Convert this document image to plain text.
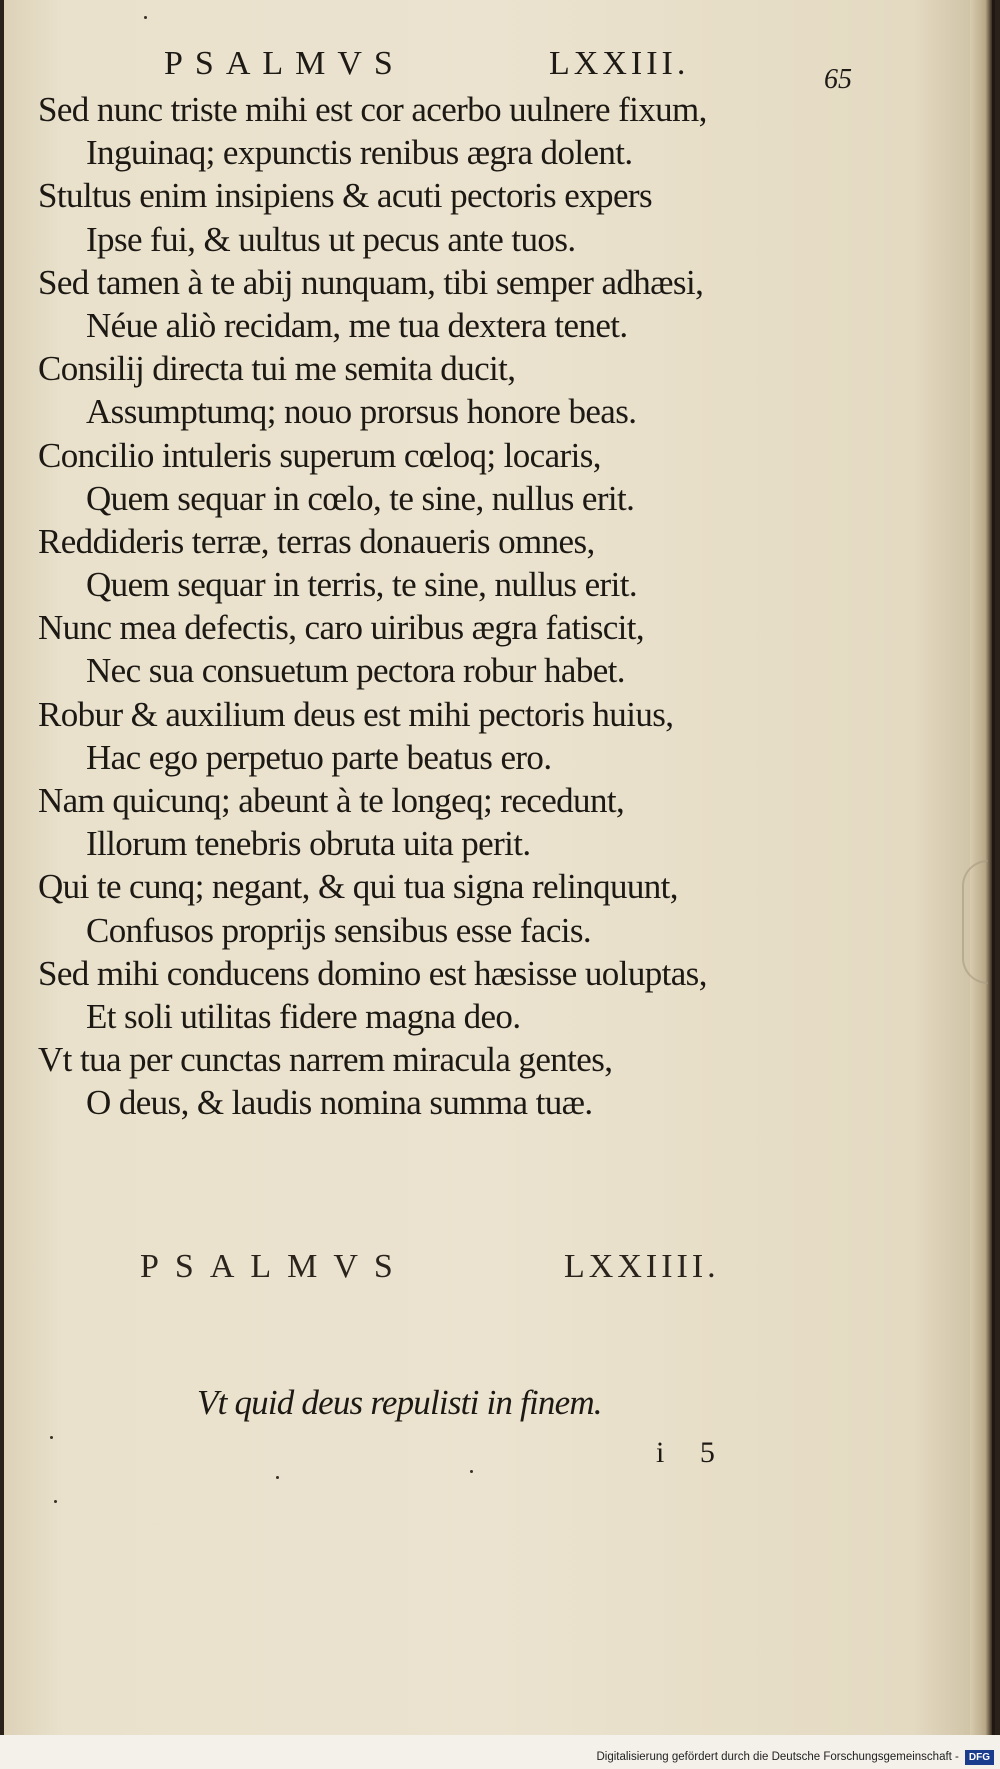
PSALMVS	LXXIII.	65
Sed nunc triste mihi est cor acerbo uulnere fixum,
Inguinaq; expunctis renibus ægra dolent.
Stultus enim insipiens & acuti pectoris expers
Ipse fui, & uultus ut pecus ante tuos.
Sed tamen à te abij nunquam, tibi semper adhæsi,
Néue aliò recidam, me tua dextera tenet.
Consilij directa tui me semita ducit,
Assumptumq; nouo prorsus honore beas.
Concilio intuleris superum cœloq; locaris,
Quem sequar in cœlo, te sine, nullus erit.
Reddideris terræ, terras donaueris omnes,
Quem sequar in terris, te sine, nullus erit.
Nunc mea defectis, caro uiribus ægra fatiscit,
Nec sua consuetum pectora robur habet.
Robur & auxilium deus est mihi pectoris huius,
Hac ego perpetuo parte beatus ero.
Nam quicunq; abeunt à te longeq; recedunt,
Illorum tenebris obruta uita perit.
Qui te cunq; negant, & qui tua signa relinquunt,
Confusos proprijs sensibus esse facis.
Sed mihi conducens domino est hæsisse uoluptas,
Et soli utilitas fidere magna deo.
Vt tua per cunctas narrem miracula gentes,
O deus, & laudis nomina summa tuæ.
PSALMVS	LXXIIII.
Vt quid deus repulisti in finem.
i 5
Digitalisierung gefördert durch die Deutsche Forschungsgemeinschaft -	DFG
